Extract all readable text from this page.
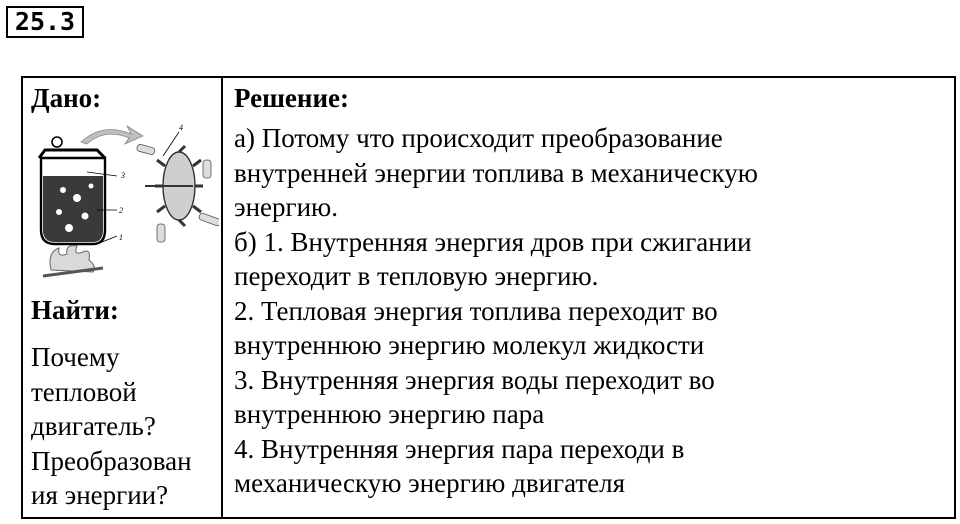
25.3
Дано:
3
2
1
4
Найти:
Почему
тепловой
двигатель?
Преобразован
ия энергии?
Решение:
а) Потому что происходит преобразование
внутренней энергии топлива в механическую
энергию.
б) 1. Внутренняя энергия дров при сжигании
переходит в тепловую энергию.
2. Тепловая энергия топлива переходит во
внутреннюю энергию молекул жидкости
3. Внутренняя энергия воды переходит во
внутреннюю энергию пара
4. Внутренняя энергия пара переходи в
механическую энергию двигателя
